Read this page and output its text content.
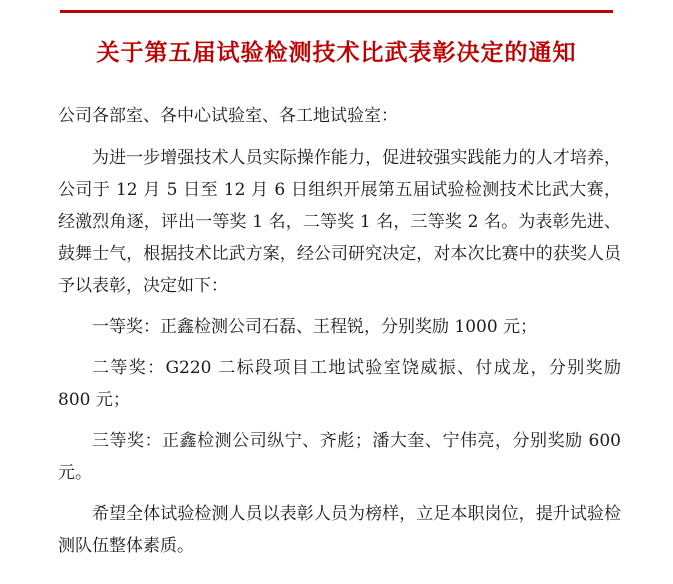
关于第五届试验检测技术比武表彰决定的通知

公司各部室、各中心试验室、各工地试验室：

为进一步增强技术人员实际操作能力，促进较强实践能力的人才培养，公司于 12 月 5 日至 12 月 6 日组织开展第五届试验检测技术比武大赛，经激烈角逐，评出一等奖 1 名，二等奖 1 名，三等奖 2 名。为表彰先进、鼓舞士气，根据技术比武方案，经公司研究决定，对本次比赛中的获奖人员予以表彰，决定如下：

一等奖：正鑫检测公司石磊、王程锐，分别奖励 1000 元；

二等奖：G220 二标段项目工地试验室饶威振、付成龙，分别奖励 800 元；

三等奖：正鑫检测公司纵宁、齐彪；潘大奎、宁伟亮，分别奖励 600 元。

希望全体试验检测人员以表彰人员为榜样，立足本职岗位，提升试验检测队伍整体素质。
